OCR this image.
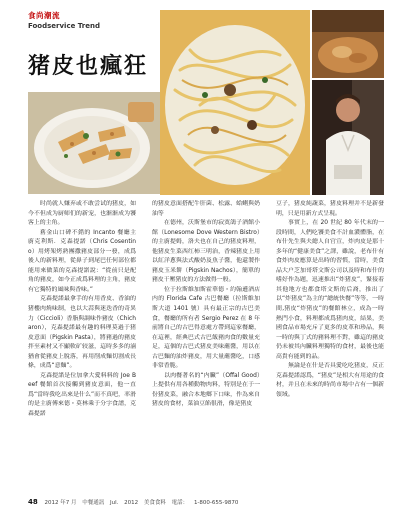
食尚潮流
Foodservice Trend
猪皮也瘋狂

时尚就人嫌弃或不敢尝试的猪皮，如今不但成为厨师们的新宠，也渐渐成为饕客上的主角。

舊金山口碑不錯的 Incanto 餐廳主廚克利斯．克森提諾（Chris Cosentino）用烤架烤熟團撒豬皮部分一發，成爲後人的新料理，從鼻子到尾巴任何部位都能用來做菜的克森提諾說：“從前只是配角的豬皮，如今正成爲料理的主角，豬皮有它獨特的風味與香味。”

克森提諾最拿手的有用香皮、香油的猪樓肉燒味制，也以大蒜與迷迭香的奇異力（Ciccioli）香脂與調味作豬皮（Chicharon），克森提諾最有趣的料理莫過于猪皮意面（Pigskin Pasta），將豬過的豬皮拌至素材又不顯軟矿较滋，這時多多的滷猶會從豬皮上脫落，再用削成麵切割成長條，成爲“意麵”。

克森提諾是位加拿大愛料料的 Joe Beef 餐館首次接觸到豬皮意面，他一直爲“當時我吃出來是什么”而不真吧，率滑的是主廚傅來德・莫林乘于分字食譜，克森提諾

的猪皮意面搭配牛肝菌、松露、蛤蜊與奶油等

在德州，沃斯堡市的寂寞鴿子酒館小館（Lonesome Dove Western Bistro）的主廚提姆，洛夫也在自己的猪皮料理，他猪皮生菜西红柿三明治，香辣猪皮上用以紅洋蔥與法式酸奶及魚子醬，他還製作豬皮玉米餅（Pigskin Nachos），簡單的豬皮干壓猪皮的方法做得一般。

位于拉斯維加斯霍華德・約翰遜酒店内的 Florida Cafe 古巴餐廳（拉斯維加斯大道 1401 號）具有最正宗的古巴美食，餐廳的所有者 Sergio Perez 在 8 年前將自己的古巴得意處方帶到這家餐廳，在這裡，經典巴式古巴飯豬肉食的數量充足，這個的古巴式猪皮美味蘸醬，用以在古巴麵的油炸豬皮，用大量蘸醬吃，口感非常香脆。

以肉餐著名的“内臟”（Offal Good）上提供有用各種動物肉料，特別是在于一份猪皮菜，融合本地鄉下口味，作為來自猪皮的食材，菜油豆餡很滑，像是猪皮

豆子，猪皮純蔬菜，猪皮料理并不是新發明，只是用新方式呈現。

事實上，在 20 世紀 80 年代末的一段時間，人們吃饕美食不計血濃體脂，在布什先生與夫總人自官宣，炸肉皮是那十多年的“健康美食”之譯，雖說，老布什有食炸肉皮應算是出時的習慣，當時，美食品大户芝加哥塔文斯公司以及時和布什的嗜好作為題，迅速推出“炸猪皮”，緊接着其他地方也都食塔文斯的后裔，推出了以“炸猪皮”為主的“總統快餐”等等，一時間,猪皮“炸猪皮”的餐館林立，成為一時熱門小食，料理都成爲猪肉皮，結果，美國食品市場充斥了更多的皮革和珍品，與一時的與丁式的豬料理不對，雖這的豬皮仍未被其內臟料理獨特的食材，最後也能高貴有能到的品。

無論是在什是否具愛吃吃猪皮，反正克森提諾認爲，“猪皮”是相大有用途的食材，并且在未來的時尚市場中占有一個新領域。

48 2012 年7 月 中餐通訊 Jul. 2012 美食食料 電話： 1-800-655-9870
